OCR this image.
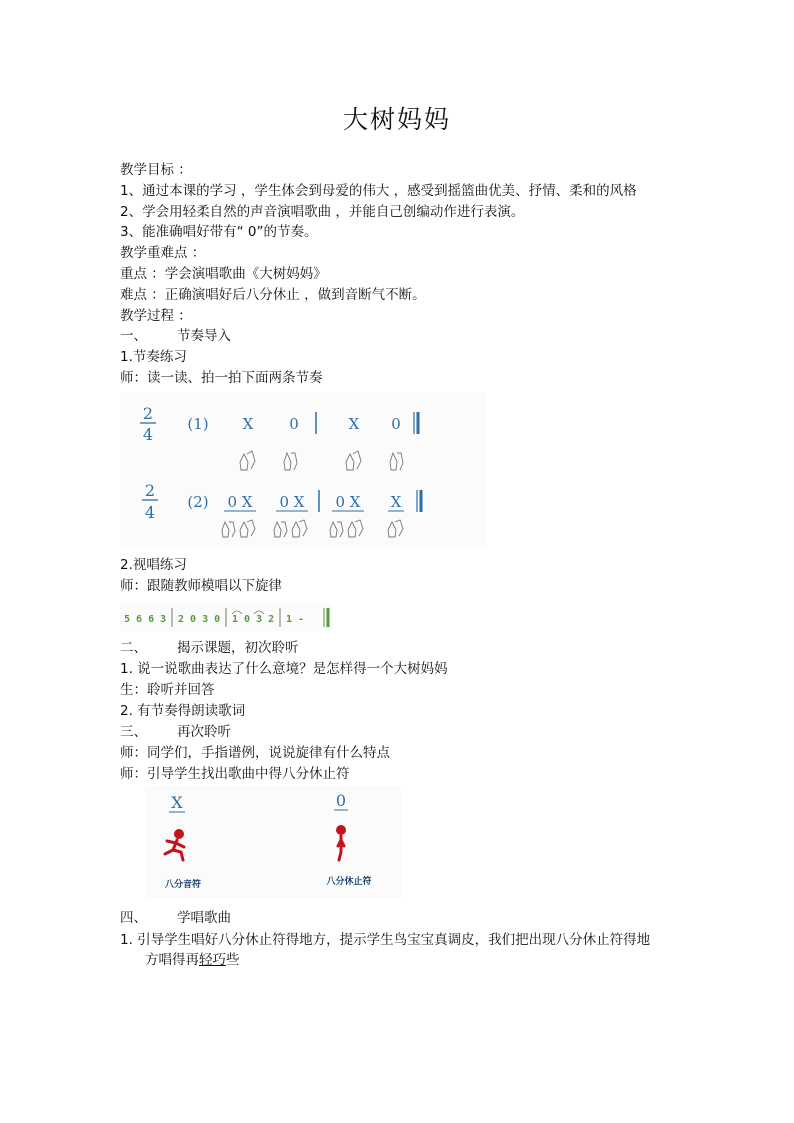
大树妈妈
教学目标 ：
1、通过本课的学习 ，学生体会到母爱的伟大 ，感受到摇篮曲优美、抒情、柔和的风格
2、学会用轻柔自然的声音演唱歌曲 ，并能自己创编动作进行表演。
3、能准确唱好带有“ 0”的节奏。
教学重难点 ：
重点 ：学会演唱歌曲《大树妈妈》
难点 ：正确演唱好后八分休止 ，做到音断气不断。
教学过程 ：
一、 节奏导入
1.节奏练习
师：读一读、拍一拍下面两条节奏
2
4
(1) X 0	X 0
2
4
(2) 0 X 0 X 0 X X
2.视唱练习
师：跟随教师模唱以下旋律
5 6 6 3 2 0 3 0 1 0 3 2 1 -
二、 揭示课题，初次聆听
1. 说一说歌曲表达了什么意境？是怎样得一个大树妈妈
生：聆听并回答
2. 有节奏得朗读歌词
三、 再次聆听
师：同学们，手指谱例，说说旋律有什么特点
师：引导学生找出歌曲中得八分休止符
X
八分音符
0
八分休止符
四、 学唱歌曲
1. 引导学生唱好八分休止符得地方，提示学生鸟宝宝真调皮，我们把出现八分休止符得地
方唱得再轻巧些
